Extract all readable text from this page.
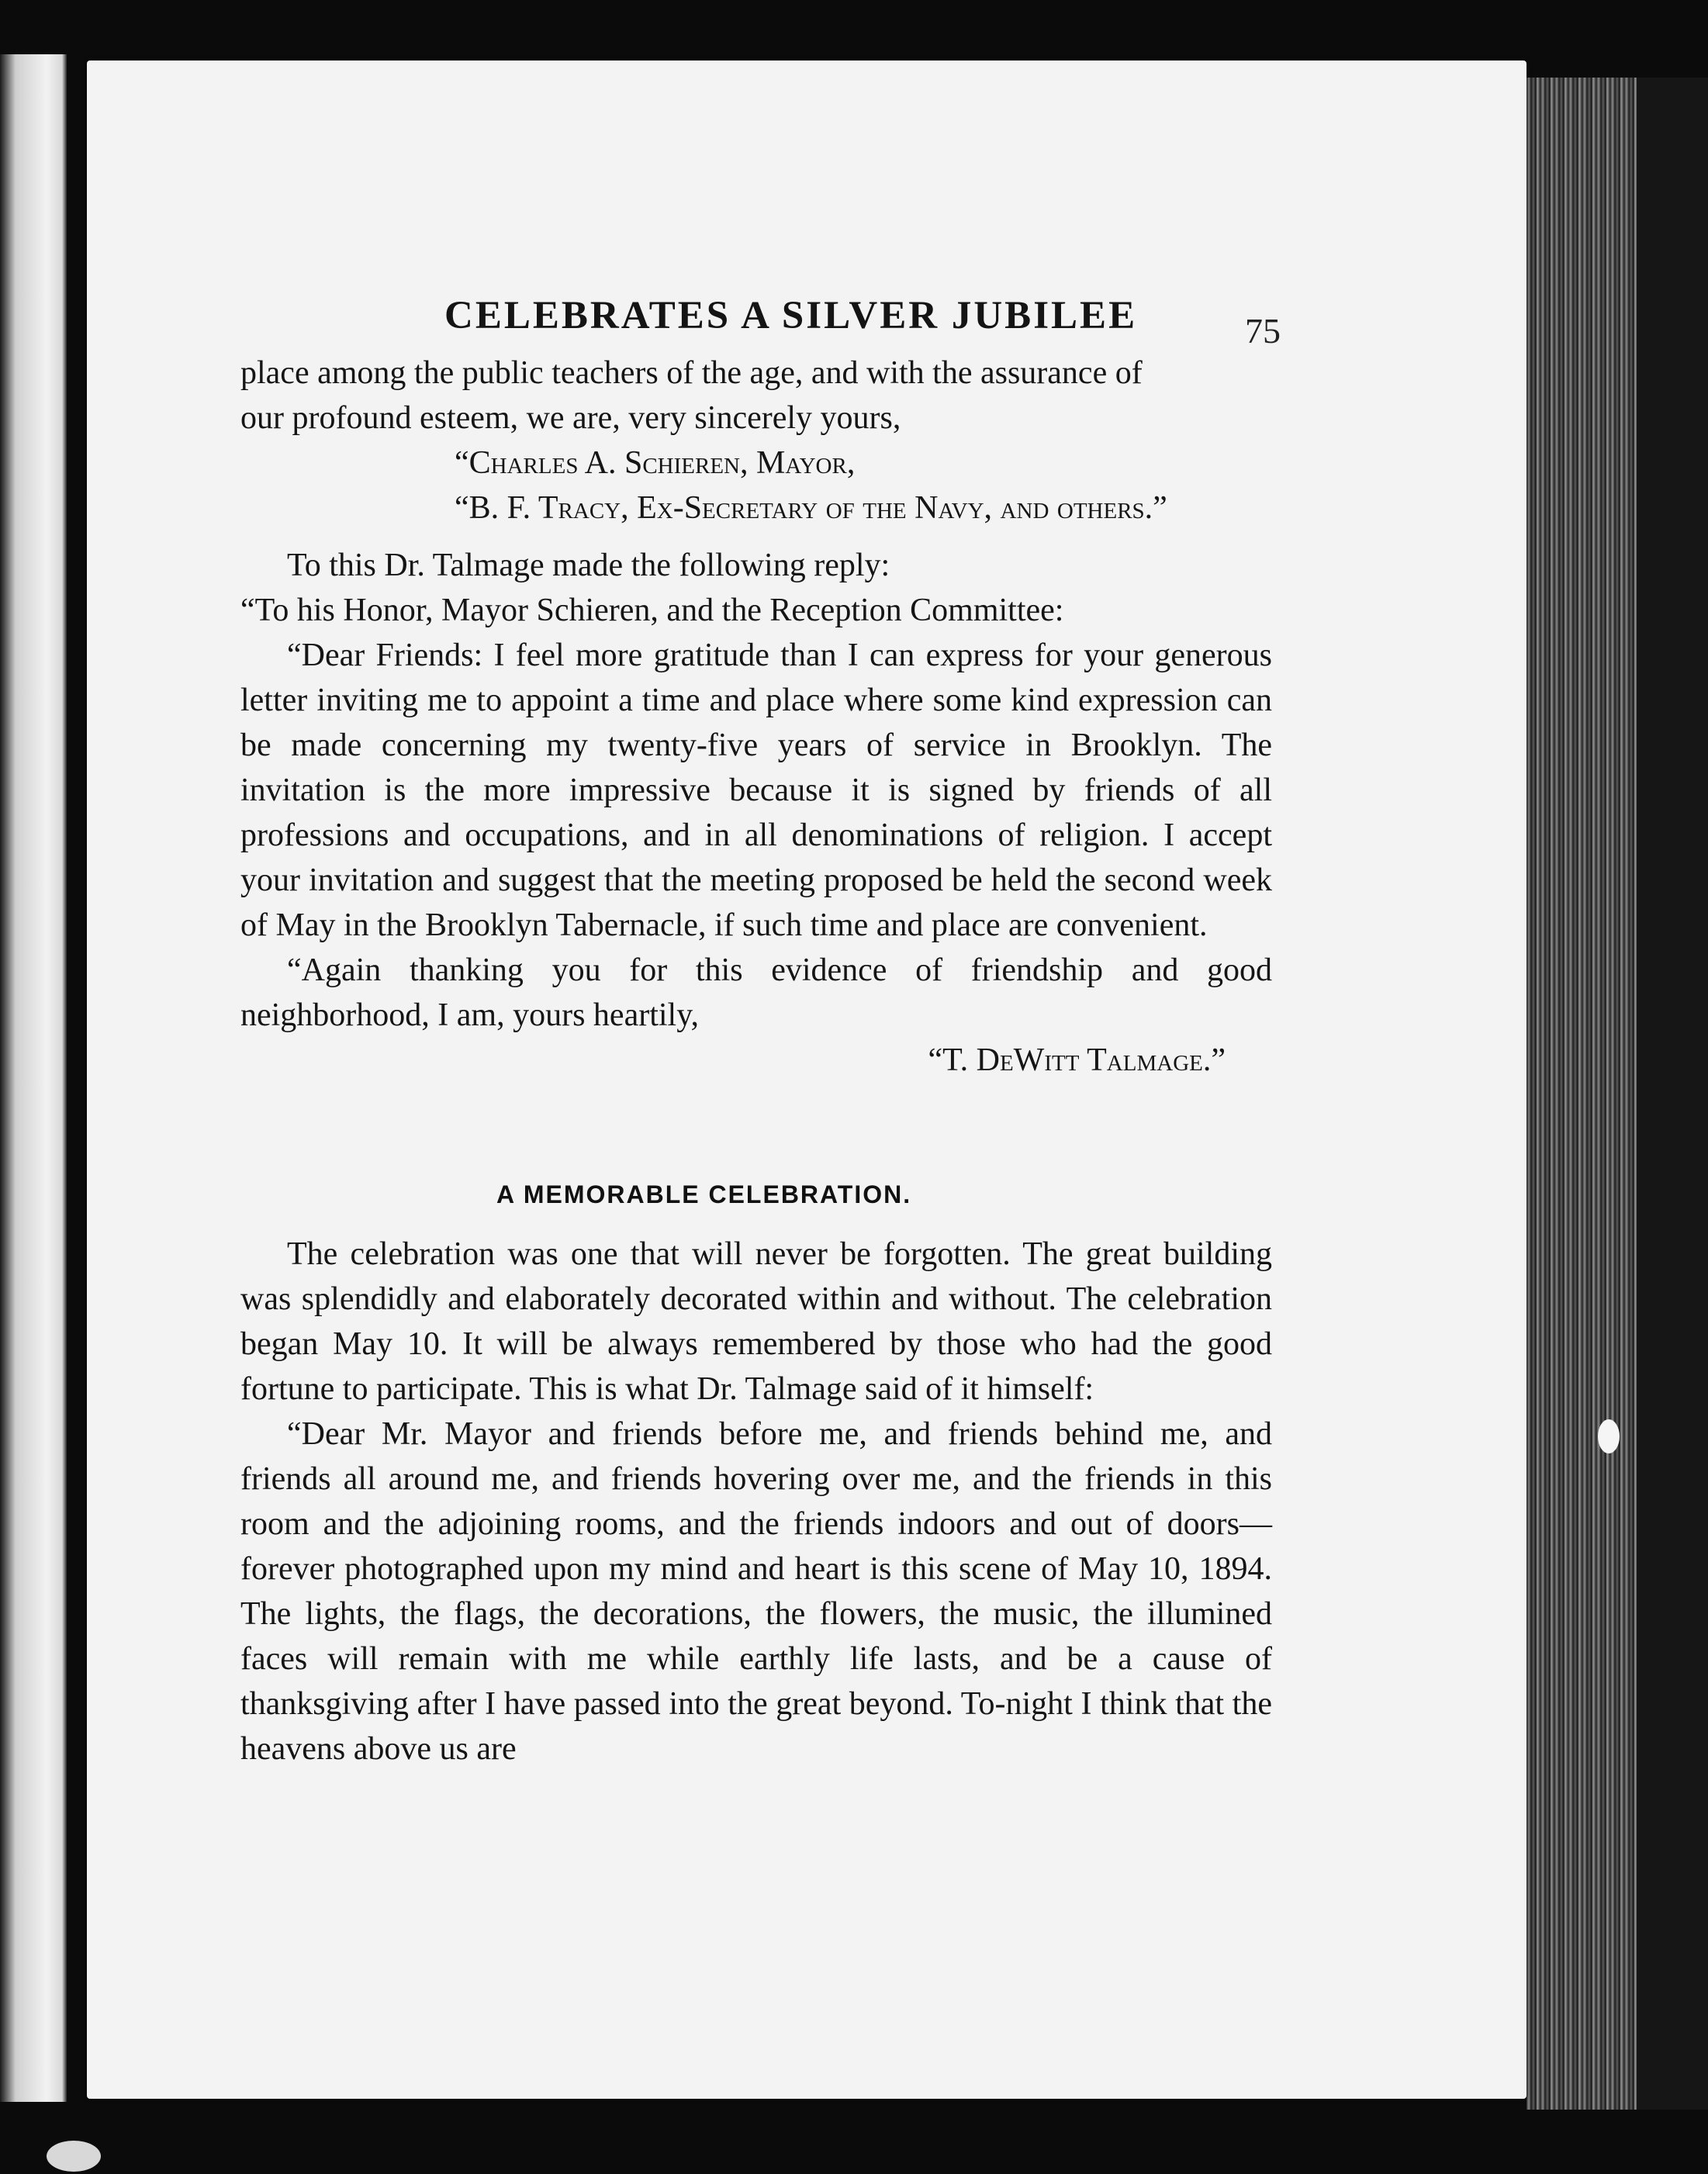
CELEBRATES A SILVER JUBILEE	75

place among the public teachers of the age, and with the assurance of

our profound esteem, we are, very sincerely yours,

“Charles A. Schieren, Mayor,
“B. F. Tracy, Ex-Secretary of the Navy, and others.”

To this Dr. Talmage made the following reply:

“To his Honor, Mayor Schieren, and the Reception Committee:

“Dear Friends: I feel more gratitude than I can express for your generous letter inviting me to appoint a time and place where some kind expression can be made concerning my twenty-five years of service in Brooklyn. The invitation is the more impressive because it is signed by friends of all professions and occupations, and in all denominations of religion. I accept your invitation and suggest that the meeting proposed be held the second week of May in the Brooklyn Tabernacle, if such time and place are convenient.

“Again thanking you for this evidence of friendship and good neighborhood, I am, yours heartily,

“T. DeWitt Talmage.”
A MEMORABLE CELEBRATION.

The celebration was one that will never be forgotten. The great building was splendidly and elaborately decorated within and without. The celebration began May 10. It will be always remembered by those who had the good fortune to participate. This is what Dr. Talmage said of it himself:

“Dear Mr. Mayor and friends before me, and friends behind me, and friends all around me, and friends hovering over me, and the friends in this room and the adjoining rooms, and the friends indoors and out of doors—forever photographed upon my mind and heart is this scene of May 10, 1894. The lights, the flags, the decorations, the flowers, the music, the illumined faces will remain with me while earthly life lasts, and be a cause of thanksgiving after I have passed into the great beyond. To-night I think that the heavens above us are
